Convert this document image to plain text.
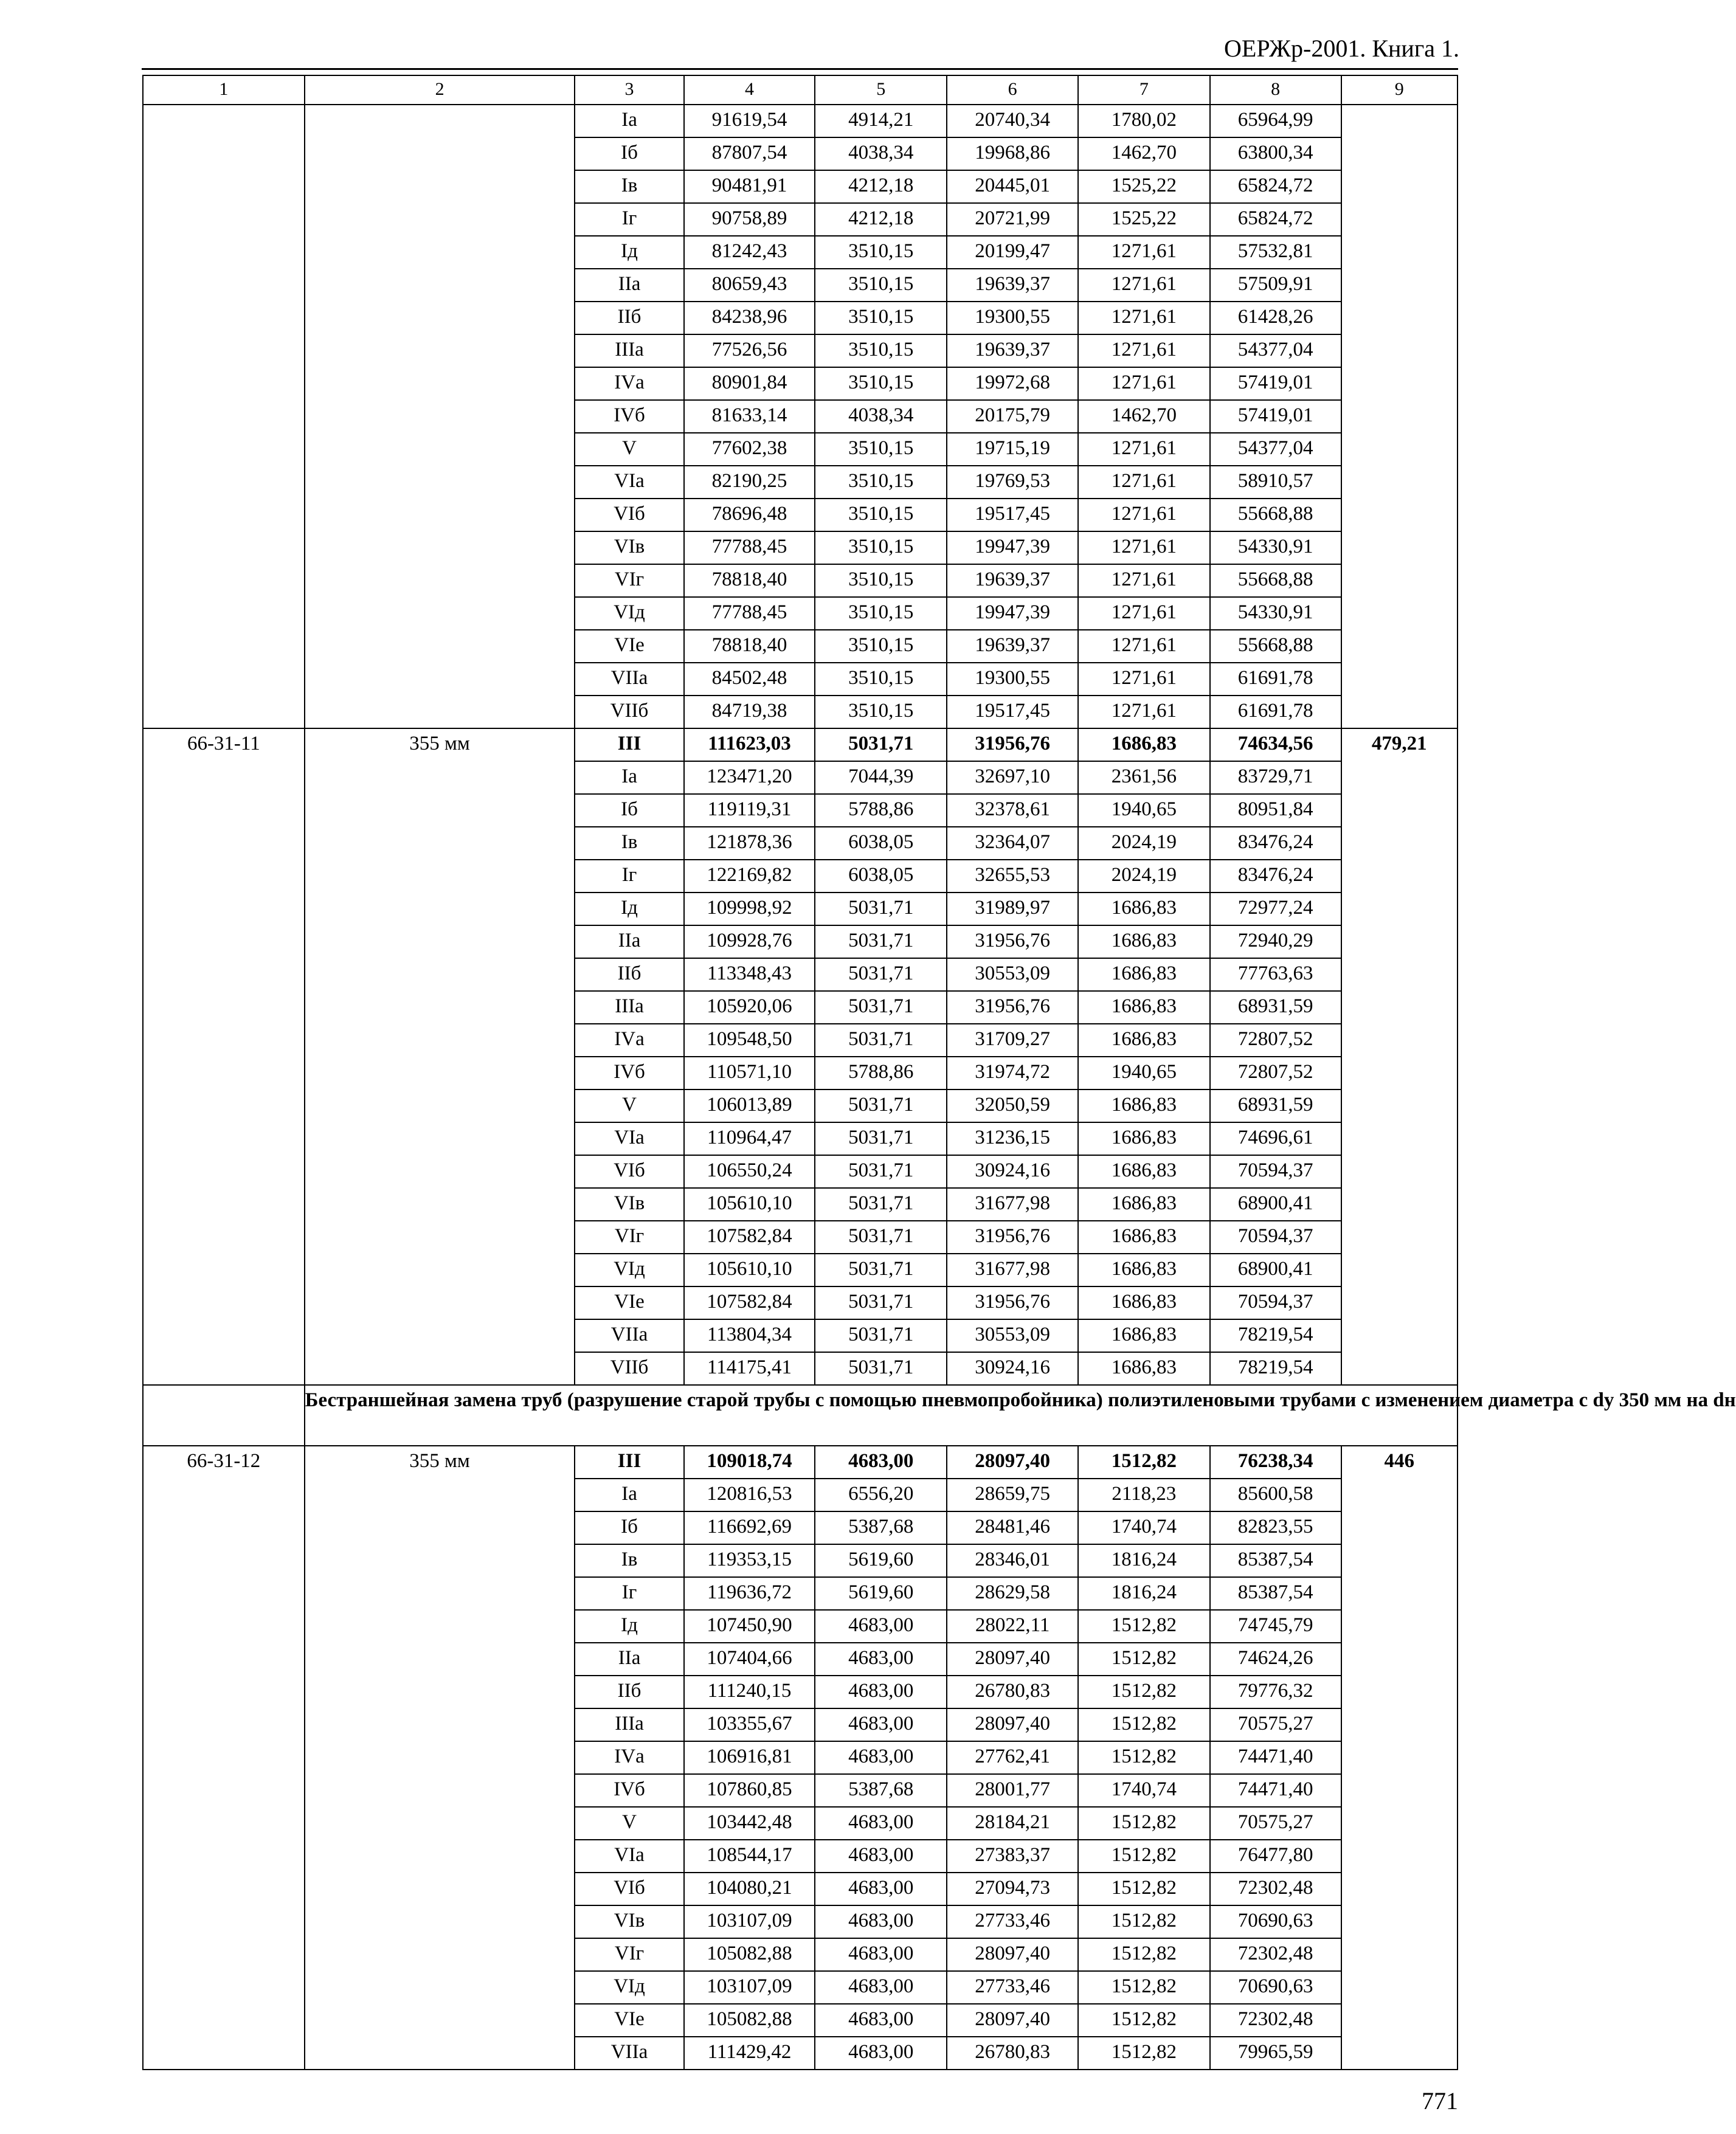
ОЕРЖр-2001. Книга 1.
1	2	3	4	5	6	7	8	9
		Iа	91619,54	4914,21	20740,34	1780,02	65964,99	
		Iб	87807,54	4038,34	19968,86	1462,70	63800,34	
		Iв	90481,91	4212,18	20445,01	1525,22	65824,72	
		Iг	90758,89	4212,18	20721,99	1525,22	65824,72	
		Iд	81242,43	3510,15	20199,47	1271,61	57532,81	
		IIа	80659,43	3510,15	19639,37	1271,61	57509,91	
		IIб	84238,96	3510,15	19300,55	1271,61	61428,26	
		IIIа	77526,56	3510,15	19639,37	1271,61	54377,04	
		IVа	80901,84	3510,15	19972,68	1271,61	57419,01	
		IVб	81633,14	4038,34	20175,79	1462,70	57419,01	
		V	77602,38	3510,15	19715,19	1271,61	54377,04	
		VIа	82190,25	3510,15	19769,53	1271,61	58910,57	
		VIб	78696,48	3510,15	19517,45	1271,61	55668,88	
		VIв	77788,45	3510,15	19947,39	1271,61	54330,91	
		VIг	78818,40	3510,15	19639,37	1271,61	55668,88	
		VIд	77788,45	3510,15	19947,39	1271,61	54330,91	
		VIе	78818,40	3510,15	19639,37	1271,61	55668,88	
		VIIа	84502,48	3510,15	19300,55	1271,61	61691,78	
		VIIб	84719,38	3510,15	19517,45	1271,61	61691,78	
66-31-11	355 мм	III	111623,03	5031,71	31956,76	1686,83	74634,56	479,21
		Iа	123471,20	7044,39	32697,10	2361,56	83729,71	
		Iб	119119,31	5788,86	32378,61	1940,65	80951,84	
		Iв	121878,36	6038,05	32364,07	2024,19	83476,24	
		Iг	122169,82	6038,05	32655,53	2024,19	83476,24	
		Iд	109998,92	5031,71	31989,97	1686,83	72977,24	
		IIа	109928,76	5031,71	31956,76	1686,83	72940,29	
		IIб	113348,43	5031,71	30553,09	1686,83	77763,63	
		IIIа	105920,06	5031,71	31956,76	1686,83	68931,59	
		IVа	109548,50	5031,71	31709,27	1686,83	72807,52	
		IVб	110571,10	5788,86	31974,72	1940,65	72807,52	
		V	106013,89	5031,71	32050,59	1686,83	68931,59	
		VIа	110964,47	5031,71	31236,15	1686,83	74696,61	
		VIб	106550,24	5031,71	30924,16	1686,83	70594,37	
		VIв	105610,10	5031,71	31677,98	1686,83	68900,41	
		VIг	107582,84	5031,71	31956,76	1686,83	70594,37	
		VIд	105610,10	5031,71	31677,98	1686,83	68900,41	
		VIе	107582,84	5031,71	31956,76	1686,83	70594,37	
		VIIа	113804,34	5031,71	30553,09	1686,83	78219,54	
		VIIб	114175,41	5031,71	30924,16	1686,83	78219,54	
	Бестраншейная замена труб (разрушение старой трубы с помощью пневмопробойника) полиэтиленовыми трубами с изменением диаметра с dу 350 мм на dн							
66-31-12	355 мм	III	109018,74	4683,00	28097,40	1512,82	76238,34	446
		Iа	120816,53	6556,20	28659,75	2118,23	85600,58	
		Iб	116692,69	5387,68	28481,46	1740,74	82823,55	
		Iв	119353,15	5619,60	28346,01	1816,24	85387,54	
		Iг	119636,72	5619,60	28629,58	1816,24	85387,54	
		Iд	107450,90	4683,00	28022,11	1512,82	74745,79	
		IIа	107404,66	4683,00	28097,40	1512,82	74624,26	
		IIб	111240,15	4683,00	26780,83	1512,82	79776,32	
		IIIа	103355,67	4683,00	28097,40	1512,82	70575,27	
		IVа	106916,81	4683,00	27762,41	1512,82	74471,40	
		IVб	107860,85	5387,68	28001,77	1740,74	74471,40	
		V	103442,48	4683,00	28184,21	1512,82	70575,27	
		VIа	108544,17	4683,00	27383,37	1512,82	76477,80	
		VIб	104080,21	4683,00	27094,73	1512,82	72302,48	
		VIв	103107,09	4683,00	27733,46	1512,82	70690,63	
		VIг	105082,88	4683,00	28097,40	1512,82	72302,48	
		VIд	103107,09	4683,00	27733,46	1512,82	70690,63	
		VIе	105082,88	4683,00	28097,40	1512,82	72302,48	
		VIIа	111429,42	4683,00	26780,83	1512,82	79965,59	
771
